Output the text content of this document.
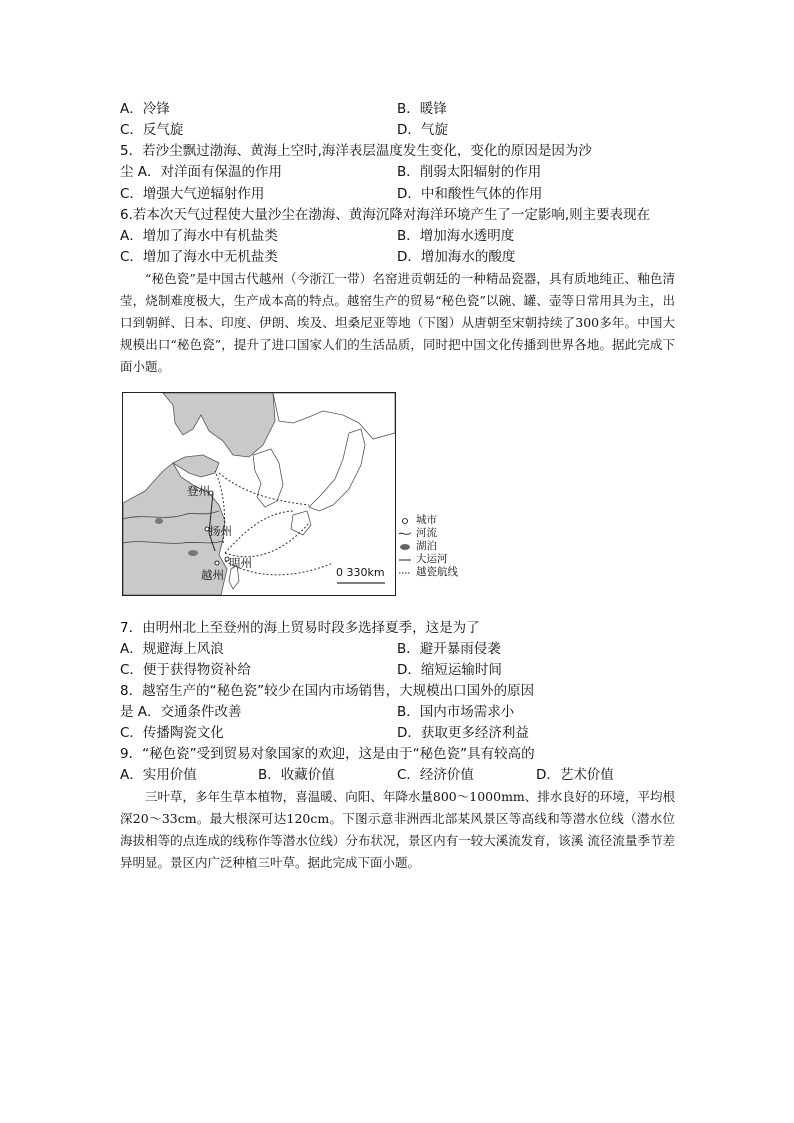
A．冷锋	B．暖锋
C．反气旋	D．气旋
5．若沙尘飘过渤海、黄海上空时,海洋表层温度发生变化，变化的原因是因为沙
尘 A．对洋面有保温的作用	B．削弱太阳辐射的作用
C．增强大气逆辐射作用	D．中和酸性气体的作用
6.若本次天气过程使大量沙尘在渤海、黄海沉降对海洋环境产生了一定影响,则主要表现在
A．增加了海水中有机盐类	B．增加海水透明度
C．增加了海水中无机盐类	D．增加海水的酸度
“秘色瓷”是中国古代越州（今浙江一带）名窑进贡朝廷的一种精品瓷器，具有质地纯正、釉色清莹，烧制难度极大，生产成本高的特点。越窑生产的贸易“秘色瓷”以碗、罐、壶等日常用具为主，出口到朝鲜、日本、印度、伊朗、埃及、坦桑尼亚等地（下图）从唐朝至宋朝持续了300多年。中国大规模出口“秘色瓷”，提升了进口国家人们的生活品质，同时把中国文化传播到世界各地。据此完成下面小题。
登州
扬州
明州
越州	0 330km
城市
河流
湖泊
大运河
越瓷航线
7．由明州北上至登州的海上贸易时段多选择夏季，这是为了
A．规避海上风浪	B．避开暴雨侵袭
C．便于获得物资补给	D．缩短运输时间
8．越窑生产的“秘色瓷”较少在国内市场销售，大规模出口国外的原因
是 A．交通条件改善	B．国内市场需求小
C．传播陶瓷文化	D．获取更多经济利益
9．“秘色瓷”受到贸易对象国家的欢迎，这是由于“秘色瓷”具有较高的
A．实用价值	B．收藏价值	C．经济价值	D．艺术价值
三叶草，多年生草本植物，喜温暖、向阳、年降水量800～1000mm、排水良好的环境，平均根深20～33cm。最大根深可达120cm。下图示意非洲西北部某风景区等高线和等潜水位线（潜水位海拔相等的点连成的线称作等潜水位线）分布状况，景区内有一较大溪流发育，该溪 流径流量季节差异明显。景区内广泛种植三叶草。据此完成下面小题。
